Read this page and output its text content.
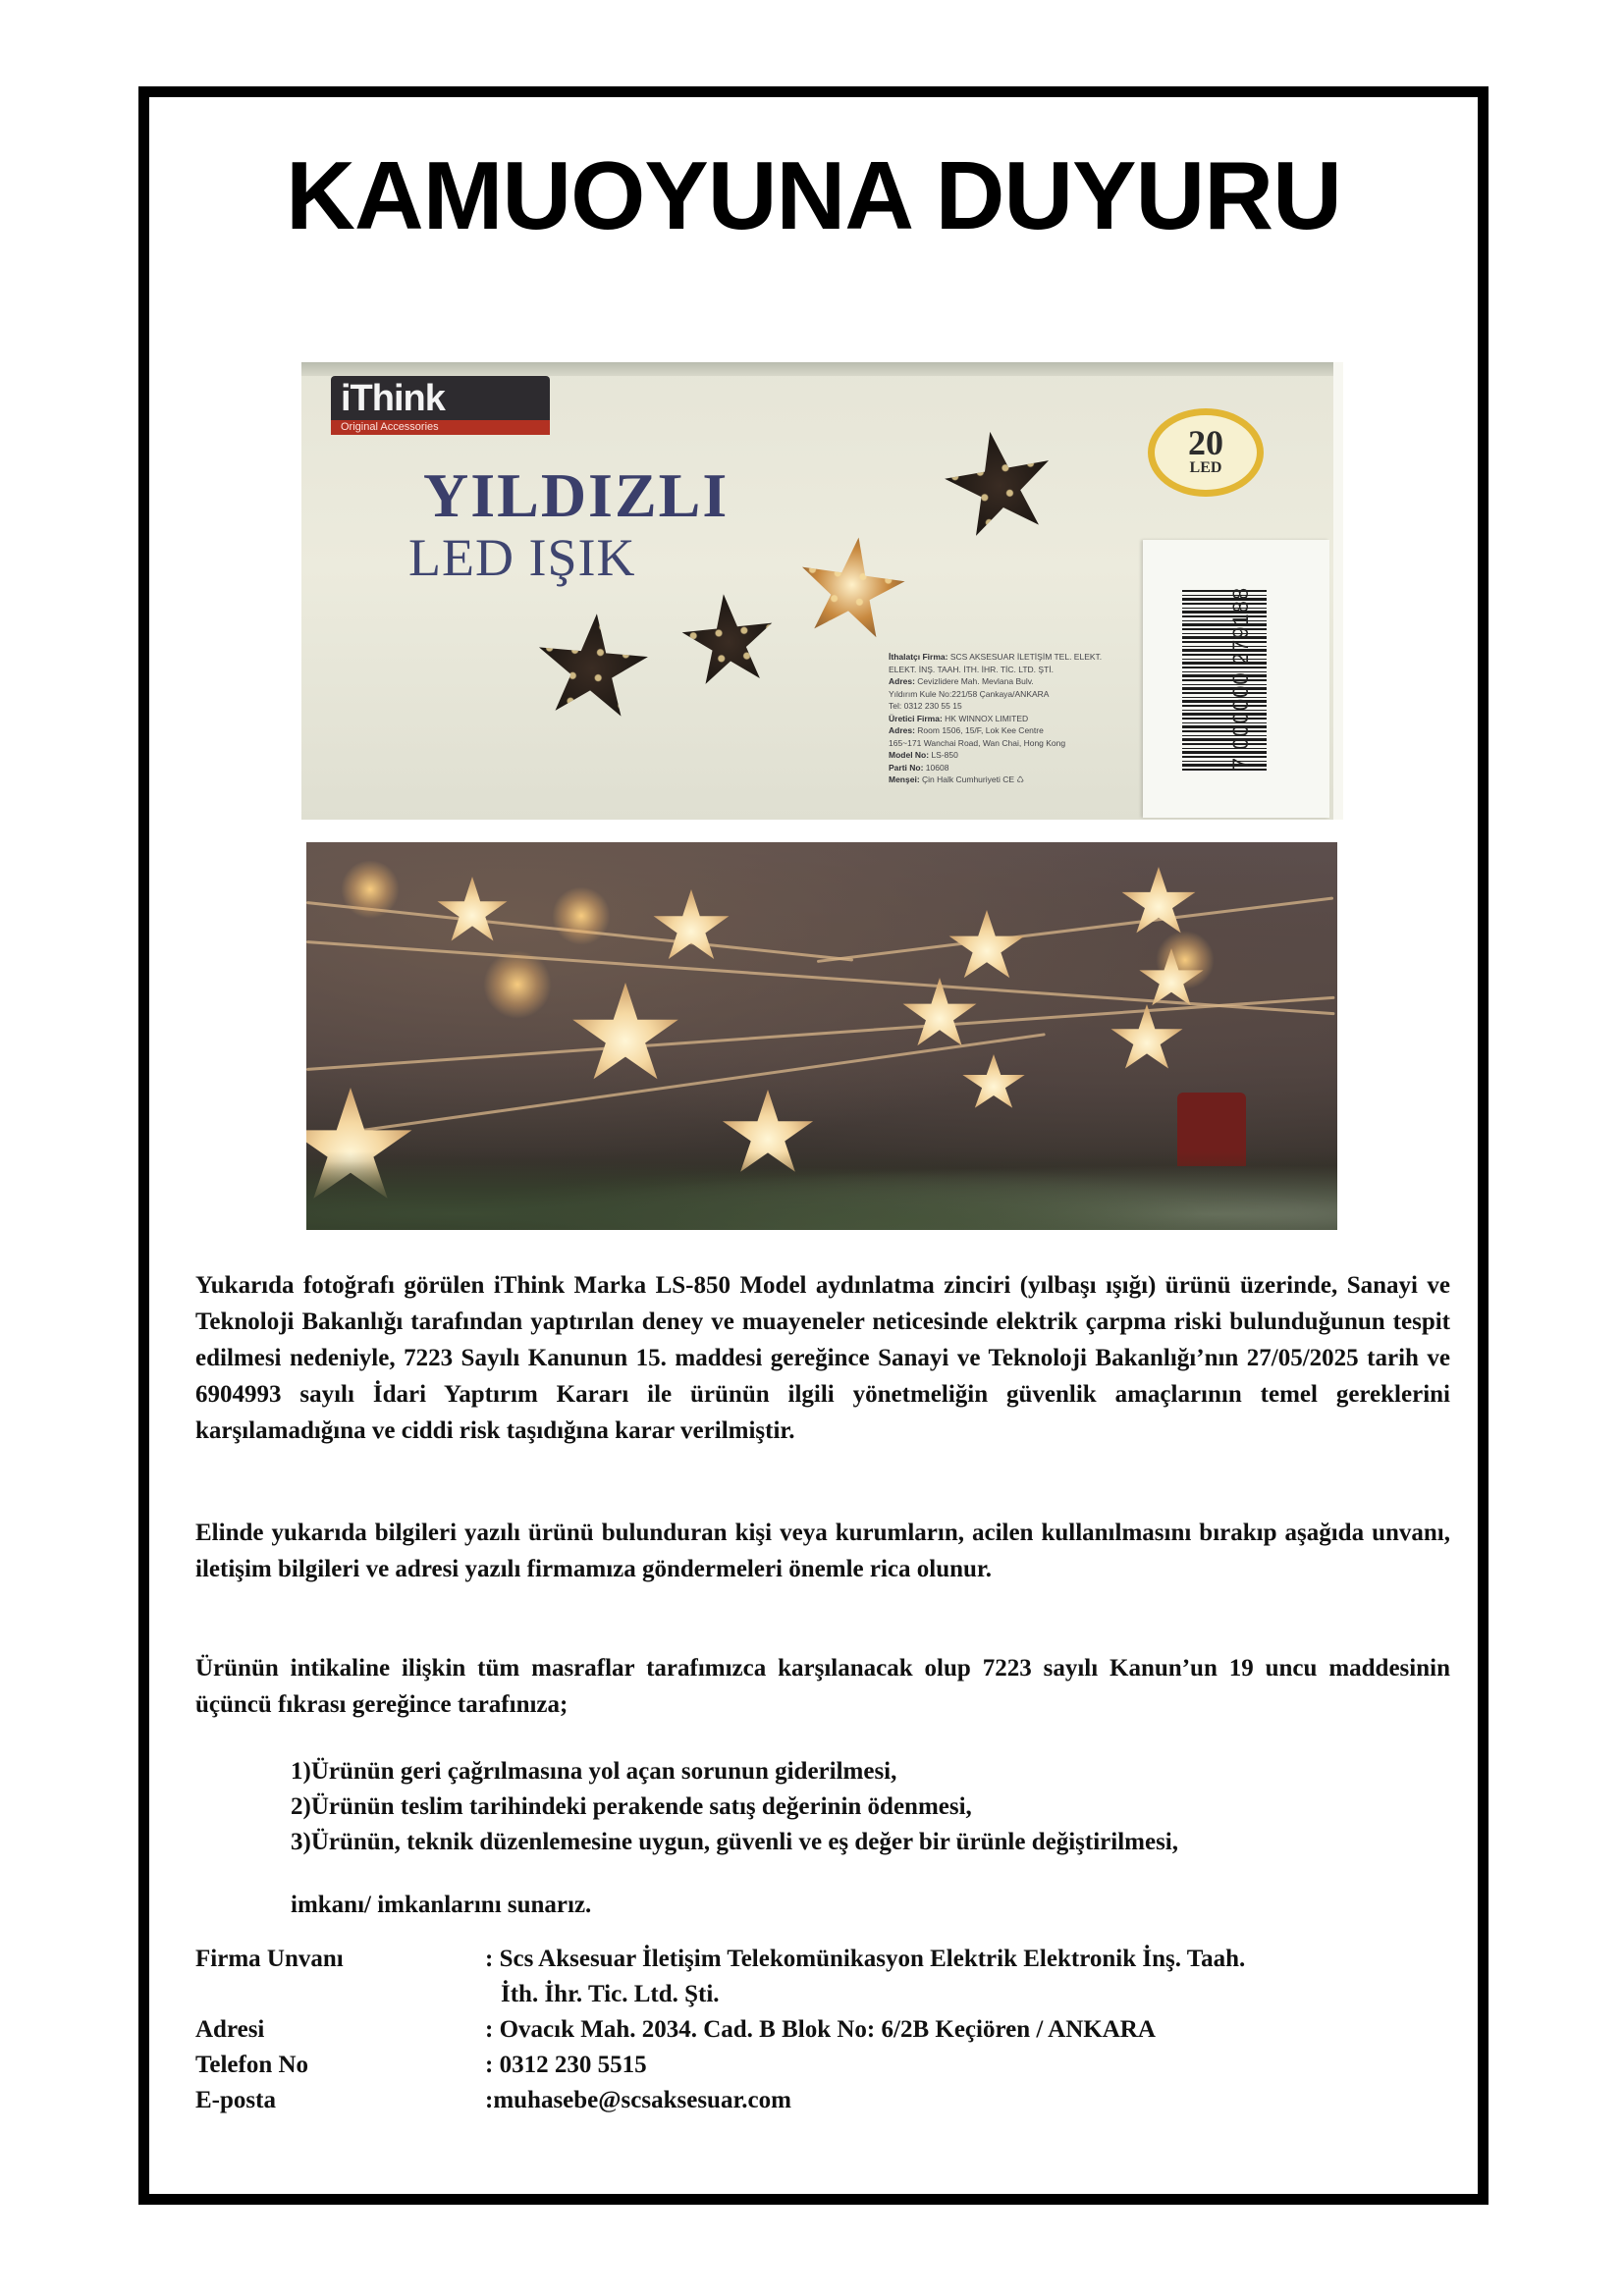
KAMUOYUNA DUYURU
iThink
Original Accessories
YILDIZLI
LED IŞIK
20
LED
İthalatçı Firma: SCS AKSESUAR İLETİŞİM TEL. ELEKT.
ELEKT. İNŞ. TAAH. İTH. İHR. TİC. LTD. ŞTİ.
Adres: Cevizlidere Mah. Mevlana Bulv.
Yıldırım Kule No:221/58 Çankaya/ANKARA
Tel: 0312 230 55 15
Üretici Firma: HK WINNOX LIMITED
Adres: Room 1506, 15/F, Lok Kee Centre
165~171 Wanchai Road, Wan Chai, Hong Kong
Model No: LS-850
Parti No: 10608
Menşei: Çin Halk Cumhuriyeti CE ♺
7 000000 279188

Yukarıda fotoğrafı görülen iThink Marka LS-850 Model aydınlatma zinciri (yılbaşı ışığı) ürünü üzerinde, Sanayi ve Teknoloji Bakanlığı tarafından yaptırılan deney ve muayeneler neticesinde elektrik çarpma riski bulunduğunun tespit edilmesi nedeniyle, 7223 Sayılı Kanunun 15. maddesi gereğince Sanayi ve Teknoloji Bakanlığı’nın 27/05/2025 tarih ve 6904993 sayılı İdari Yaptırım Kararı ile ürünün ilgili yönetmeliğin güvenlik amaçlarının temel gereklerini karşılamadığına ve ciddi risk taşıdığına karar verilmiştir.

Elinde yukarıda bilgileri yazılı ürünü bulunduran kişi veya kurumların, acilen kullanılmasını bırakıp aşağıda unvanı, iletişim bilgileri ve adresi yazılı firmamıza göndermeleri önemle rica olunur.

Ürünün intikaline ilişkin tüm masraflar tarafımızca karşılanacak olup 7223 sayılı Kanun’un 19 uncu maddesinin üçüncü fıkrası gereğince tarafınıza;

1)Ürünün geri çağrılmasına yol açan sorunun giderilmesi,

2)Ürünün teslim tarihindeki perakende satış değerinin ödenmesi,

3)Ürünün, teknik düzenlemesine uygun, güvenli ve eş değer bir ürünle değiştirilmesi,

imkanı/ imkanlarını sunarız.

Firma Unvanı	: Scs Aksesuar İletişim Telekomünikasyon Elektrik Elektronik İnş. Taah.
İth. İhr. Tic. Ltd. Şti.
Adresi	: Ovacık Mah. 2034. Cad. B Blok No: 6/2B Keçiören / ANKARA
Telefon No	: 0312 230 5515
E-posta	:muhasebe@scsaksesuar.com
